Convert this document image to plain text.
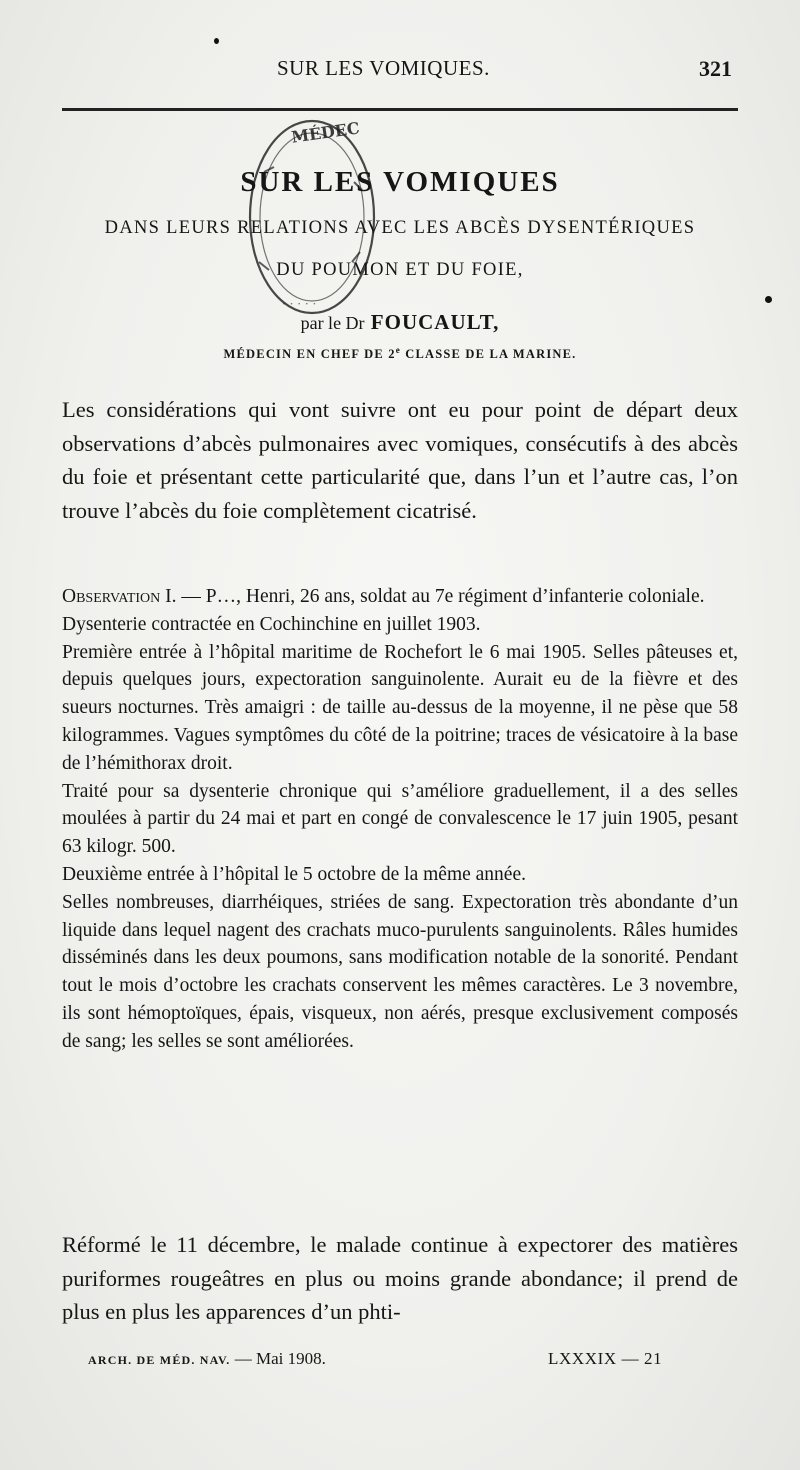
SUR LES VOMIQUES.	321
MÉDEC
· · · · ·
SUR LES VOMIQUES
DANS LEURS RELATIONS AVEC LES ABCÈS DYSENTÉRIQUES
DU POUMON ET DU FOIE,
par le Dr FOUCAULT,
MÉDECIN EN CHEF DE 2e CLASSE DE LA MARINE.

Les considérations qui vont suivre ont eu pour point de départ deux observations d’abcès pulmonaires avec vomiques, consécutifs à des abcès du foie et présentant cette particularité que, dans l’un et l’autre cas, l’on trouve l’abcès du foie complètement cicatrisé.

Observation I. — P…, Henri, 26 ans, soldat au 7e régiment d’infanterie coloniale.

Dysenterie contractée en Cochinchine en juillet 1903.

Première entrée à l’hôpital maritime de Rochefort le 6 mai 1905. Selles pâteuses et, depuis quelques jours, expectoration sanguinolente. Aurait eu de la fièvre et des sueurs nocturnes. Très amaigri : de taille au-dessus de la moyenne, il ne pèse que 58 kilogrammes. Vagues symptômes du côté de la poitrine; traces de vésicatoire à la base de l’hémithorax droit.

Traité pour sa dysenterie chronique qui s’améliore graduellement, il a des selles moulées à partir du 24 mai et part en congé de convalescence le 17 juin 1905, pesant 63 kilogr. 500.

Deuxième entrée à l’hôpital le 5 octobre de la même année.

Selles nombreuses, diarrhéiques, striées de sang. Expectoration très abondante d’un liquide dans lequel nagent des crachats muco-purulents sanguinolents. Râles humides disséminés dans les deux poumons, sans modification notable de la sonorité. Pendant tout le mois d’octobre les crachats conservent les mêmes caractères. Le 3 novembre, ils sont hémoptoïques, épais, visqueux, non aérés, presque exclusivement composés de sang; les selles se sont améliorées.

Réformé le 11 décembre, le malade continue à expectorer des matières puriformes rougeâtres en plus ou moins grande abondance; il prend de plus en plus les apparences d’un phti-

ARCH. DE MÉD. NAV. — Mai 1908.	LXXXIX — 21
